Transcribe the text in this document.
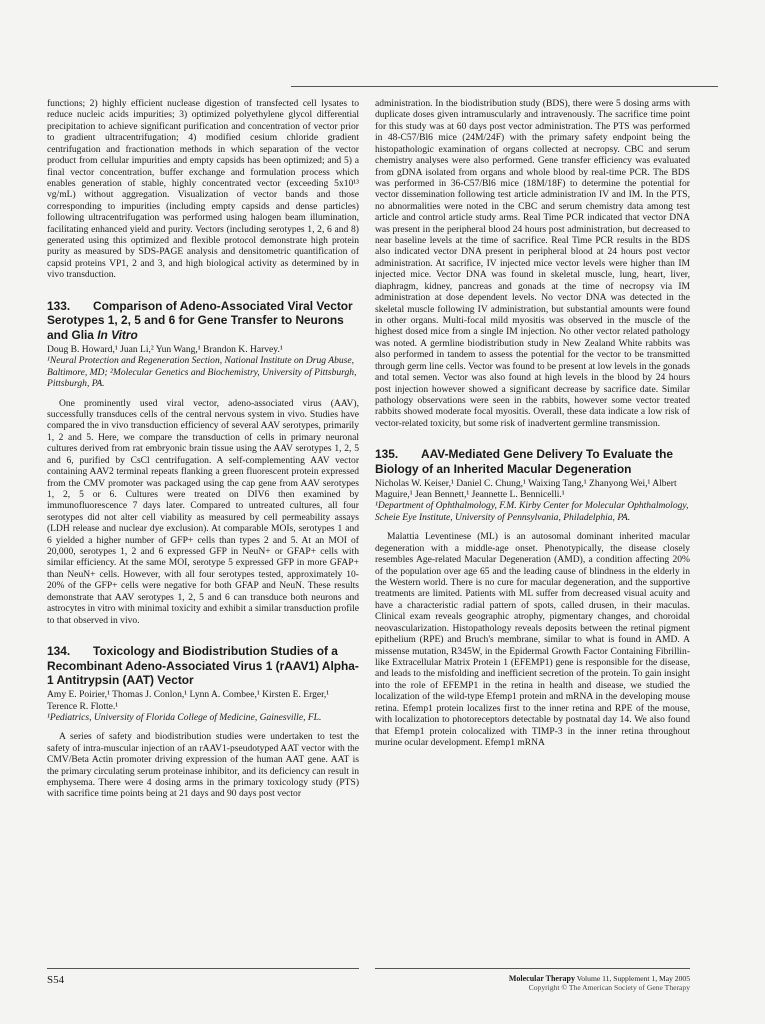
functions; 2) highly efficient nuclease digestion of transfected cell lysates to reduce nucleic acids impurities; 3) optimized polyethylene glycol differential precipitation to achieve significant purification and concentration of vector prior to gradient ultracentrifugation; 4) modified cesium chloride gradient centrifugation and fractionation methods in which separation of the vector product from cellular impurities and empty capsids has been optimized; and 5) a final vector concentration, buffer exchange and formulation process which enables generation of stable, highly concentrated vector (exceeding 5x10¹³ vg/mL) without aggregation. Visualization of vector bands and those corresponding to impurities (including empty capsids and dense particles) following ultracentrifugation was performed using halogen beam illumination, facilitating enhanced yield and purity. Vectors (including serotypes 1, 2, 6 and 8) generated using this optimized and flexible protocol demonstrate high protein purity as measured by SDS-PAGE analysis and densitometric quantification of capsid proteins VP1, 2 and 3, and high biological activity as determined by in vivo transduction.

133. Comparison of Adeno-Associated Viral Vector Serotypes 1, 2, 5 and 6 for Gene Transfer to Neurons and Glia In Vitro

Doug B. Howard,¹ Juan Li,² Yun Wang,¹ Brandon K. Harvey.¹

¹Neural Protection and Regeneration Section, National Institute on Drug Abuse, Baltimore, MD; ²Molecular Genetics and Biochemistry, University of Pittsburgh, Pittsburgh, PA.

One prominently used viral vector, adeno-associated virus (AAV), successfully transduces cells of the central nervous system in vivo. Studies have compared the in vivo transduction efficiency of several AAV serotypes, primarily 1, 2 and 5. Here, we compare the transduction of cells in primary neuronal cultures derived from rat embryonic brain tissue using the AAV serotypes 1, 2, 5 and 6, purified by CsCl centrifugation. A self-complementing AAV vector containing AAV2 terminal repeats flanking a green fluorescent protein expressed from the CMV promoter was packaged using the cap gene from AAV serotypes 1, 2, 5 or 6. Cultures were treated on DIV6 then examined by immunofluorescence 7 days later. Compared to untreated cultures, all four serotypes did not alter cell viability as measured by cell permeability assays (LDH release and nuclear dye exclusion). At comparable MOIs, serotypes 1 and 6 yielded a higher number of GFP+ cells than types 2 and 5. At an MOI of 20,000, serotypes 1, 2 and 6 expressed GFP in NeuN+ or GFAP+ cells with similar efficiency. At the same MOI, serotype 5 expressed GFP in more GFAP+ than NeuN+ cells. However, with all four serotypes tested, approximately 10-20% of the GFP+ cells were negative for both GFAP and NeuN. These results demonstrate that AAV serotypes 1, 2, 5 and 6 can transduce both neurons and astrocytes in vitro with minimal toxicity and exhibit a similar transduction profile to that observed in vivo.

134. Toxicology and Biodistribution Studies of a Recombinant Adeno-Associated Virus 1 (rAAV1) Alpha-1 Antitrypsin (AAT) Vector

Amy E. Poirier,¹ Thomas J. Conlon,¹ Lynn A. Combee,¹ Kirsten E. Erger,¹ Terence R. Flotte.¹

¹Pediatrics, University of Florida College of Medicine, Gainesville, FL.

A series of safety and biodistribution studies were undertaken to test the safety of intra-muscular injection of an rAAV1-pseudotyped AAT vector with the CMV/Beta Actin promoter driving expression of the human AAT gene. AAT is the primary circulating serum proteinase inhibitor, and its deficiency can result in emphysema. There were 4 dosing arms in the primary toxicology study (PTS) with sacrifice time points being at 21 days and 90 days post vector

administration. In the biodistribution study (BDS), there were 5 dosing arms with duplicate doses given intramuscularly and intravenously. The sacrifice time point for this study was at 60 days post vector administration. The PTS was performed in 48-C57/Bl6 mice (24M/24F) with the primary safety endpoint being the histopathologic examination of organs collected at necropsy. CBC and serum chemistry analyses were also performed. Gene transfer efficiency was evaluated from gDNA isolated from organs and whole blood by real-time PCR. The BDS was performed in 36-C57/Bl6 mice (18M/18F) to determine the potential for vector dissemination following test article administration IV and IM. In the PTS, no abnormalities were noted in the CBC and serum chemistry data among test article and control article study arms. Real Time PCR indicated that vector DNA was present in the peripheral blood 24 hours post administration, but decreased to near baseline levels at the time of sacrifice. Real Time PCR results in the BDS also indicated vector DNA present in peripheral blood at 24 hours post vector administration. At sacrifice, IV injected mice vector levels were higher than IM injected mice. Vector DNA was found in skeletal muscle, lung, heart, liver, diaphragm, kidney, pancreas and gonads at the time of necropsy via IM administration at dose dependent levels. No vector DNA was detected in the skeletal muscle following IV administration, but substantial amounts were found in other organs. Multi-focal mild myositis was observed in the muscle of the highest dosed mice from a single IM injection. No other vector related pathology was noted. A germline biodistribution study in New Zealand White rabbits was also performed in tandem to assess the potential for the vector to be transmitted through germ line cells. Vector was found to be present at low levels in the gonads and total semen. Vector was also found at high levels in the blood by 24 hours post injection however showed a significant decrease by sacrifice date. Similar pathology observations were seen in the rabbits, however some vector treated rabbits showed moderate focal myositis. Overall, these data indicate a low risk of vector-related toxicity, but some risk of inadvertent germline transmission.

135. AAV-Mediated Gene Delivery To Evaluate the Biology of an Inherited Macular Degeneration

Nicholas W. Keiser,¹ Daniel C. Chung,¹ Waixing Tang,¹ Zhanyong Wei,¹ Albert Maguire,¹ Jean Bennett,¹ Jeannette L. Bennicelli.¹

¹Department of Ophthalmology, F.M. Kirby Center for Molecular Ophthalmology, Scheie Eye Institute, University of Pennsylvania, Philadelphia, PA.

Malattia Leventinese (ML) is an autosomal dominant inherited macular degeneration with a middle-age onset. Phenotypically, the disease closely resembles Age-related Macular Degeneration (AMD), a condition affecting 20% of the population over age 65 and the leading cause of blindness in the elderly in the Western world. There is no cure for macular degeneration, and the supportive treatments are limited. Patients with ML suffer from decreased visual acuity and have a characteristic radial pattern of spots, called drusen, in their maculas. Clinical exam reveals geographic atrophy, pigmentary changes, and choroidal neovascularization. Histopathology reveals deposits between the retinal pigment epithelium (RPE) and Bruch's membrane, similar to what is found in AMD. A missense mutation, R345W, in the Epidermal Growth Factor Containing Fibrillin-like Extracellular Matrix Protein 1 (EFEMP1) gene is responsible for the disease, and leads to the misfolding and inefficient secretion of the protein. To gain insight into the role of EFEMP1 in the retina in health and disease, we studied the localization of the wild-type Efemp1 protein and mRNA in the developing mouse retina. Efemp1 protein localizes first to the inner retina and RPE of the mouse, with localization to photoreceptors detectable by postnatal day 14. We also found that Efemp1 protein colocalized with TIMP-3 in the inner retina throughout murine ocular development. Efemp1 mRNA

S54	Molecular Therapy Volume 11, Supplement 1, May 2005
Copyright © The American Society of Gene Therapy
